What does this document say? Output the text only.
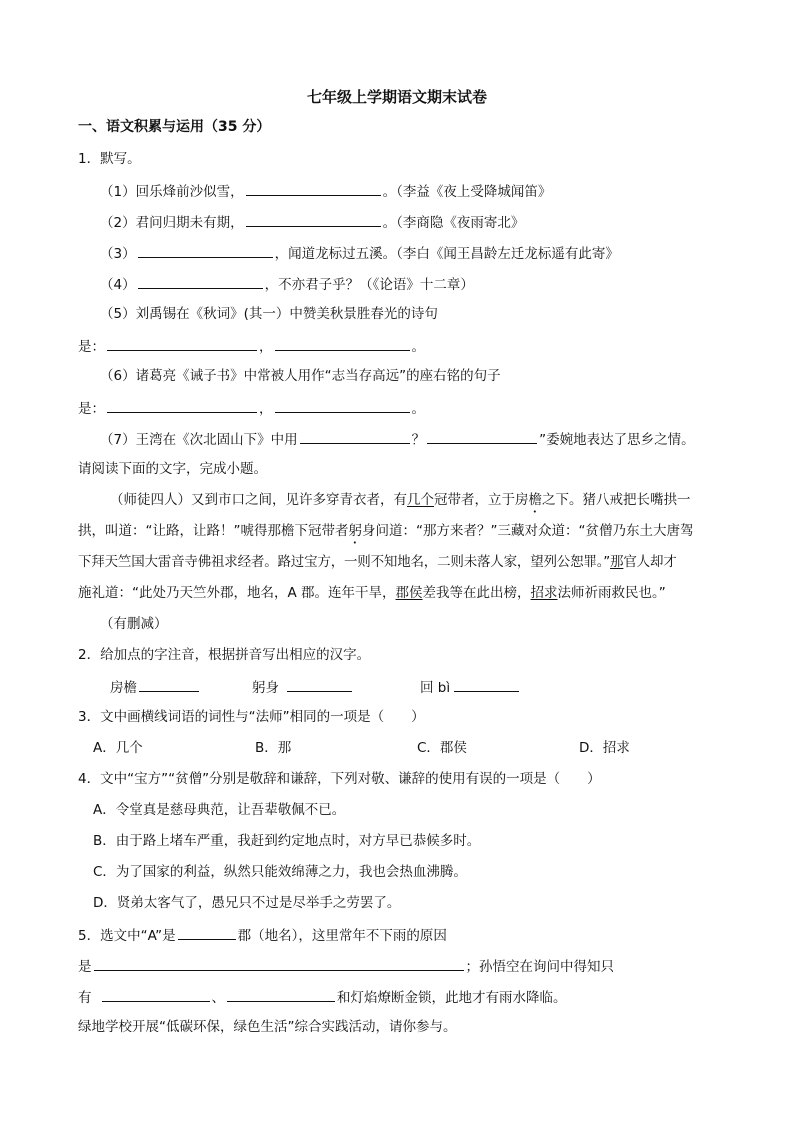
七年级上学期语文期末试卷
一、语文积累与运用（35 分）
1．默写。
（1）回乐烽前沙似雪，	。（李益《夜上受降城闻笛》
（2）君问归期未有期，	。（李商隐《夜雨寄北》
（3）	，闻道龙标过五溪。（李白《闻王昌龄左迁龙标遥有此寄》
（4）	，不亦君子乎？（《论语》十二章）
（5）刘禹锡在《秋词》(其一）中赞美秋景胜春光的诗句
是：	，	。
（6）诸葛亮《诫子书》中常被人用作“志当存高远”的座右铭的句子
是：	，	。
（7）王湾在《次北固山下》中用	？	”委婉地表达了思乡之情。
请阅读下面的文字，完成小题。
（师徒四人）又到市口之间，见许多穿青衣者，有几个冠带者，立于房檐之下。猪八戒把长嘴拱一
拱，叫道：“让路，让路！”唬得那檐下冠带者躬身问道：“那方来者？”三藏对众道：“贫僧乃东土大唐驾
下拜天竺国大雷音寺佛祖求经者。路过宝方，一则不知地名，二则未落人家，望列公恕罪。”那官人却才
施礼道：“此处乃天竺外郡，地名，A 郡。连年干旱，郡侯差我等在此出榜，招求法师祈雨救民也。”
（有删减）
2．给加点的字注音，根据拼音写出相应的汉字。
房檐	躬身	回 bì
3．文中画横线词语的词性与“法师”相同的一项是（　　）
A．几个	B．那	C．郡侯	D．招求
4．文中“宝方”“贫僧”分别是敬辞和谦辞，下列对敬、谦辞的使用有误的一项是（　　）
A．令堂真是慈母典范，让吾辈敬佩不已。
B．由于路上堵车严重，我赶到约定地点时，对方早已恭候多时。
C．为了国家的利益，纵然只能效绵薄之力，我也会热血沸腾。
D．贤弟太客气了，愚兄只不过是尽举手之劳罢了。
5．选文中“A”是	郡（地名），这里常年不下雨的原因
是	；孙悟空在询问中得知只
有	、	和灯焰燎断金锁，此地才有雨水降临。
绿地学校开展“低碳环保，绿色生活”综合实践活动，请你参与。
